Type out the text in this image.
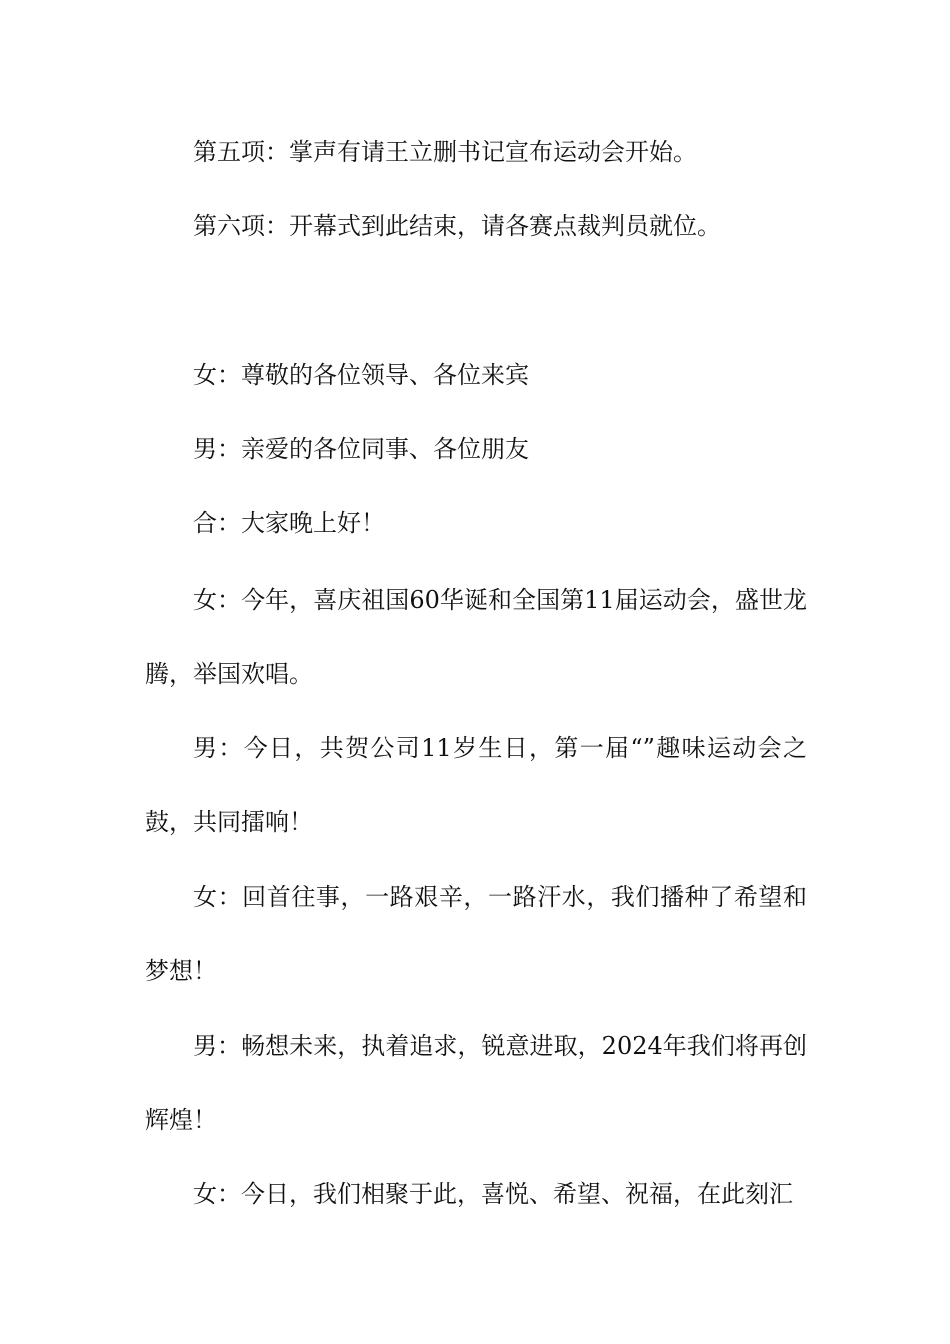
第五项：掌声有请王立删书记宣布运动会开始。

第六项：开幕式到此结束，请各赛点裁判员就位。

女：尊敬的各位领导、各位来宾

男：亲爱的各位同事、各位朋友

合：大家晚上好！

女：今年，喜庆祖国60华诞和全国第11届运动会，盛世龙腾，举国欢唱。

男：今日，共贺公司11岁生日，第一届“”趣味运动会之鼓，共同擂响！

女：回首往事，一路艰辛，一路汗水，我们播种了希望和梦想！

男：畅想未来，执着追求，锐意进取，2024年我们将再创辉煌！

女：今日，我们相聚于此，喜悦、希望、祝福，在此刻汇
